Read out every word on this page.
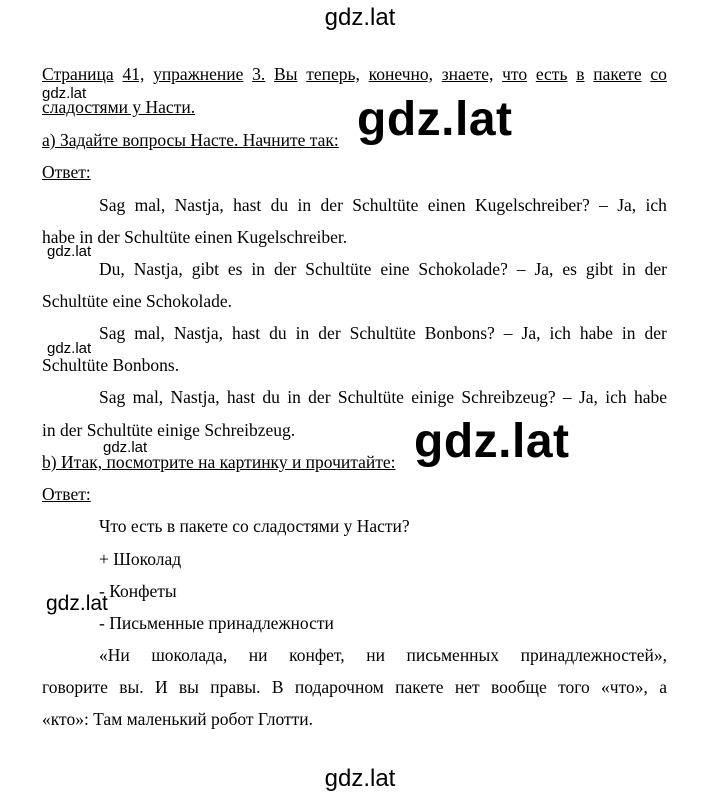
gdz.lat
gdz.lat	gdz.lat
gdz.lat
gdz.lat
gdz.lat
gdz.lat
gdz.lat
gdz.lat
Страница 41, упражнение 3. Вы теперь, конечно, знаете, что есть в пакете со
сладостями у Насти.
а) Задайте вопросы Насте. Начните так:
Ответ:
Sag mal, Nastja, hast du in der Schultüte einen Kugelschreiber? – Ja, ich
habe in der Schultüte einen Kugelschreiber.
Du, Nastja, gibt es in der Schultüte eine Schokolade? – Ja, es gibt in der
Schultüte eine Schokolade.
Sag mal, Nastja, hast du in der Schultüte Bonbons? – Ja, ich habe in der
Schultüte Bonbons.
Sag mal, Nastja, hast du in der Schultüte einige Schreibzeug? – Ja, ich habe
in der Schultüte einige Schreibzeug.
b) Итак, посмотрите на картинку и прочитайте:
Ответ:
Что есть в пакете со сладостями у Насти?
+ Шоколад
- Конфеты
- Письменные принадлежности
«Ни шоколада, ни конфет, ни письменных принадлежностей»,
говорите вы. И вы правы. В подарочном пакете нет вообще того «что», а
«кто»: Там маленький робот Глотти.
